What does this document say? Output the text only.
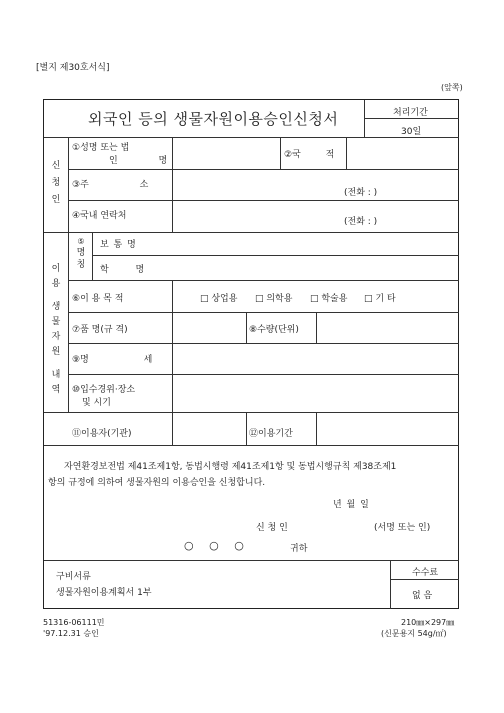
[별지 제30호서식]
(앞쪽)
외국인 등의 생물자원이용승인신청서	처리기간
30일
신
청
인
①성명 또는 법
인 명
②국 적
③주 소
(전화 : )
④국내 연락처
(전화 : )
이
용
생
물
자
원
내
역
⑤
명
칭
보 통 명
학 명
⑥이 용 목 적	□ 상업용 □ 의학용 □ 학술용 □ 기 타
⑦품 명(규 격)	⑧수량(단위)
⑨명 세
⑩입수경위·장소
및 시기
⑪이용자(기관)	⑫이용기간
자연환경보전법 제41조제1항, 동법시행령 제41조제1항 및 동법시행규칙 제38조제1
항의 규정에 의하여 생물자원의 이용승인을 신청합니다.
년 월 일
신 청 인	(서명 또는 인)
○ ○ ○	귀하
구비서류
생물자원이용계획서 1부
수수료
없 음
51316-06111민
'97.12.31 승인
210㎜×297㎜
(신문용지 54g/㎡)
